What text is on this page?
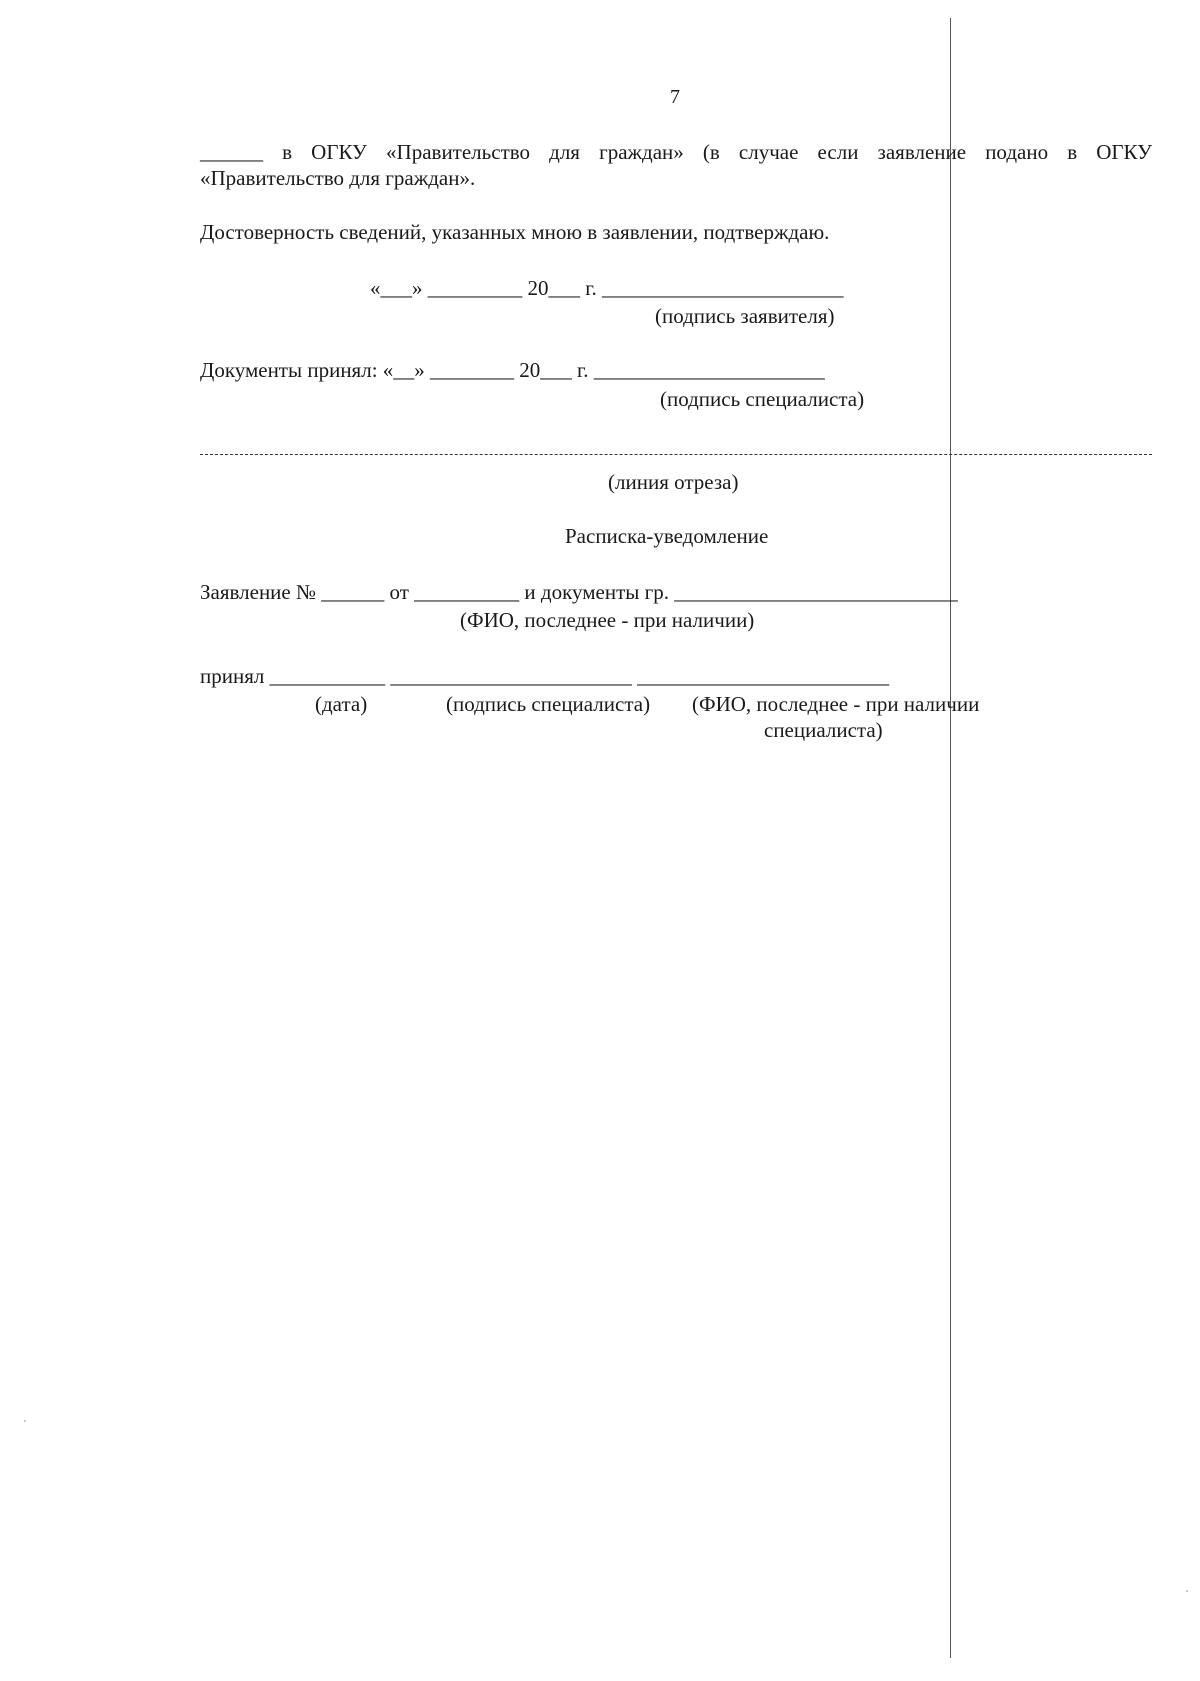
7
______ в ОГКУ «Правительство для граждан» (в случае если заявление подано в ОГКУ
«Правительство для граждан».
Достоверность сведений, указанных мною в заявлении, подтверждаю.
«___» _________ 20___ г. _______________________
(подпись заявителя)
Документы принял: «__» ________ 20___ г. ______________________
(подпись специалиста)
(линия отреза)
Расписка-уведомление
Заявление № ______ от __________ и документы гр. ___________________________
(ФИО, последнее - при наличии)
принял ___________ _______________________ ________________________
(дата)	(подпись специалиста) (ФИО, последнее - при наличии
специалиста)
